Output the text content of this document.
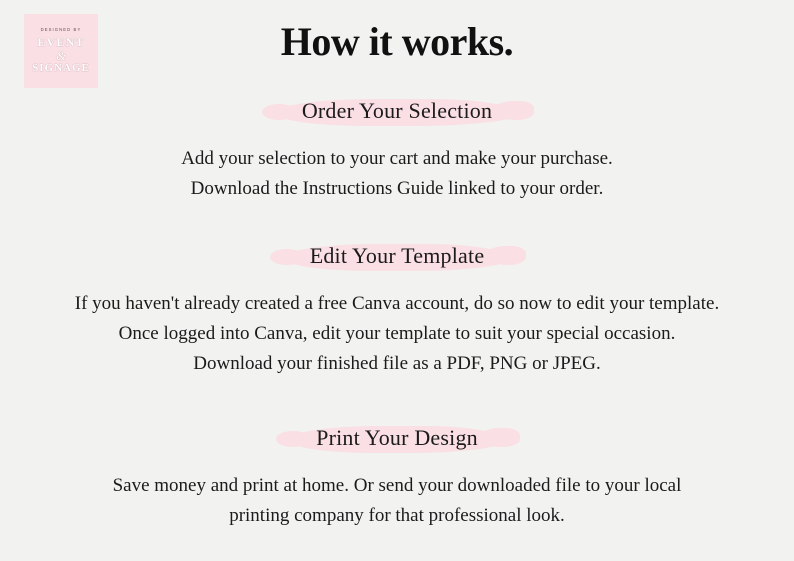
DESIGNED BY
EVENT
&
SIGNAGE
How it works.
Order Your Selection
Add your selection to your cart and make your purchase.
Download the Instructions Guide linked to your order.
Edit Your Template
If you haven't already created a free Canva account, do so now to edit your template.
Once logged into Canva, edit your template to suit your special occasion.
Download your finished file as a PDF, PNG or JPEG.
Print Your Design
Save money and print at home. Or send your downloaded file to your local
printing company for that professional look.
